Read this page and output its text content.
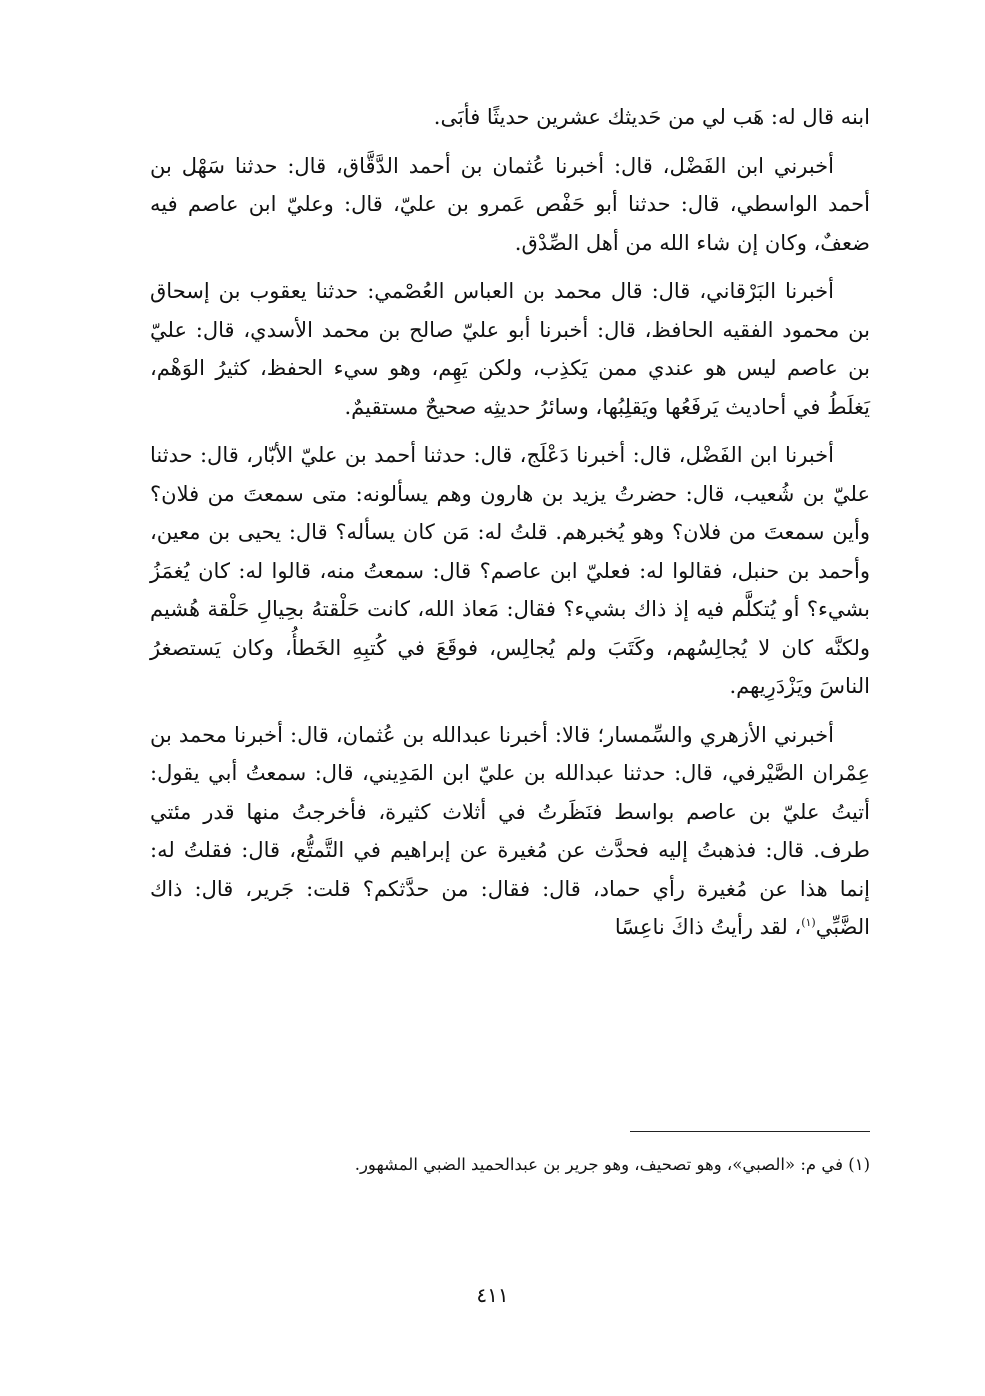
ابنه قال له: هَب لي من حَديثك عشرين حديثًا فأبَى.

أخبرني ابن الفَضْل، قال: أخبرنا عُثمان بن أحمد الدَّقَّاق، قال: حدثنا سَهْل بن أحمد الواسطي، قال: حدثنا أبو حَفْص عَمرو بن عليّ، قال: وعليّ ابن عاصم فيه ضعفٌ، وكان إن شاء الله من أهل الصِّدْق.

أخبرنا البَرْقاني، قال: قال محمد بن العباس العُصْمي: حدثنا يعقوب بن إسحاق بن محمود الفقيه الحافظ، قال: أخبرنا أبو عليّ صالح بن محمد الأسدي، قال: عليّ بن عاصم ليس هو عندي ممن يَكذِب، ولكن يَهِم، وهو سيء الحفظ، كثيرُ الوَهْم، يَغلَطُ في أحاديث يَرفَعُها ويَقلِبُها، وسائرُ حديثِه صحيحٌ مستقيمٌ.

أخبرنا ابن الفَضْل، قال: أخبرنا دَعْلَج، قال: حدثنا أحمد بن عليّ الأبّار، قال: حدثنا عليّ بن شُعيب، قال: حضرتُ يزيد بن هارون وهم يسألونه: متى سمعتَ من فلان؟ وأين سمعتَ من فلان؟ وهو يُخبرهم. قلتُ له: مَن كان يسأله؟ قال: يحيى بن معين، وأحمد بن حنبل، فقالوا له: فعليّ ابن عاصم؟ قال: سمعتُ منه، قالوا له: كان يُغمَزُ بشيء؟ أو يُتكلَّم فيه إذ ذاك بشيء؟ فقال: مَعاذ الله، كانت حَلْقتهُ بحِيالِ حَلْقة هُشيم ولكنَّه كان لا يُجالِسُهم، وكَتَبَ ولم يُجالِس، فوقَعَ في كُتبِهِ الخَطأُ، وكان يَستصغرُ الناسَ ويَزْدَرِيهم.

أخبرني الأزهري والسِّمسار؛ قالا: أخبرنا عبدالله بن عُثمان، قال: أخبرنا محمد بن عِمْران الصَّيْرفي، قال: حدثنا عبدالله بن عليّ ابن المَدِيني، قال: سمعتُ أبي يقول: أتيتُ عليّ بن عاصم بواسط فنَظَرتُ في أثلاث كثيرة، فأخرجتُ منها قدر مئتي طرف. قال: فذهبتُ إليه فحدَّث عن مُغيرة عن إبراهيم في التَّمتُّع، قال: فقلتُ له: إنما هذا عن مُغيرة رأي حماد، قال: فقال: من حدَّثكم؟ قلت: جَرير، قال: ذاك الضَّبِّي$^{(١)}$، لقد رأيتُ ذاكَ ناعِسًا

(١) في م: «الصبي»، وهو تصحيف، وهو جرير بن عبدالحميد الضبي المشهور.
٤١١
